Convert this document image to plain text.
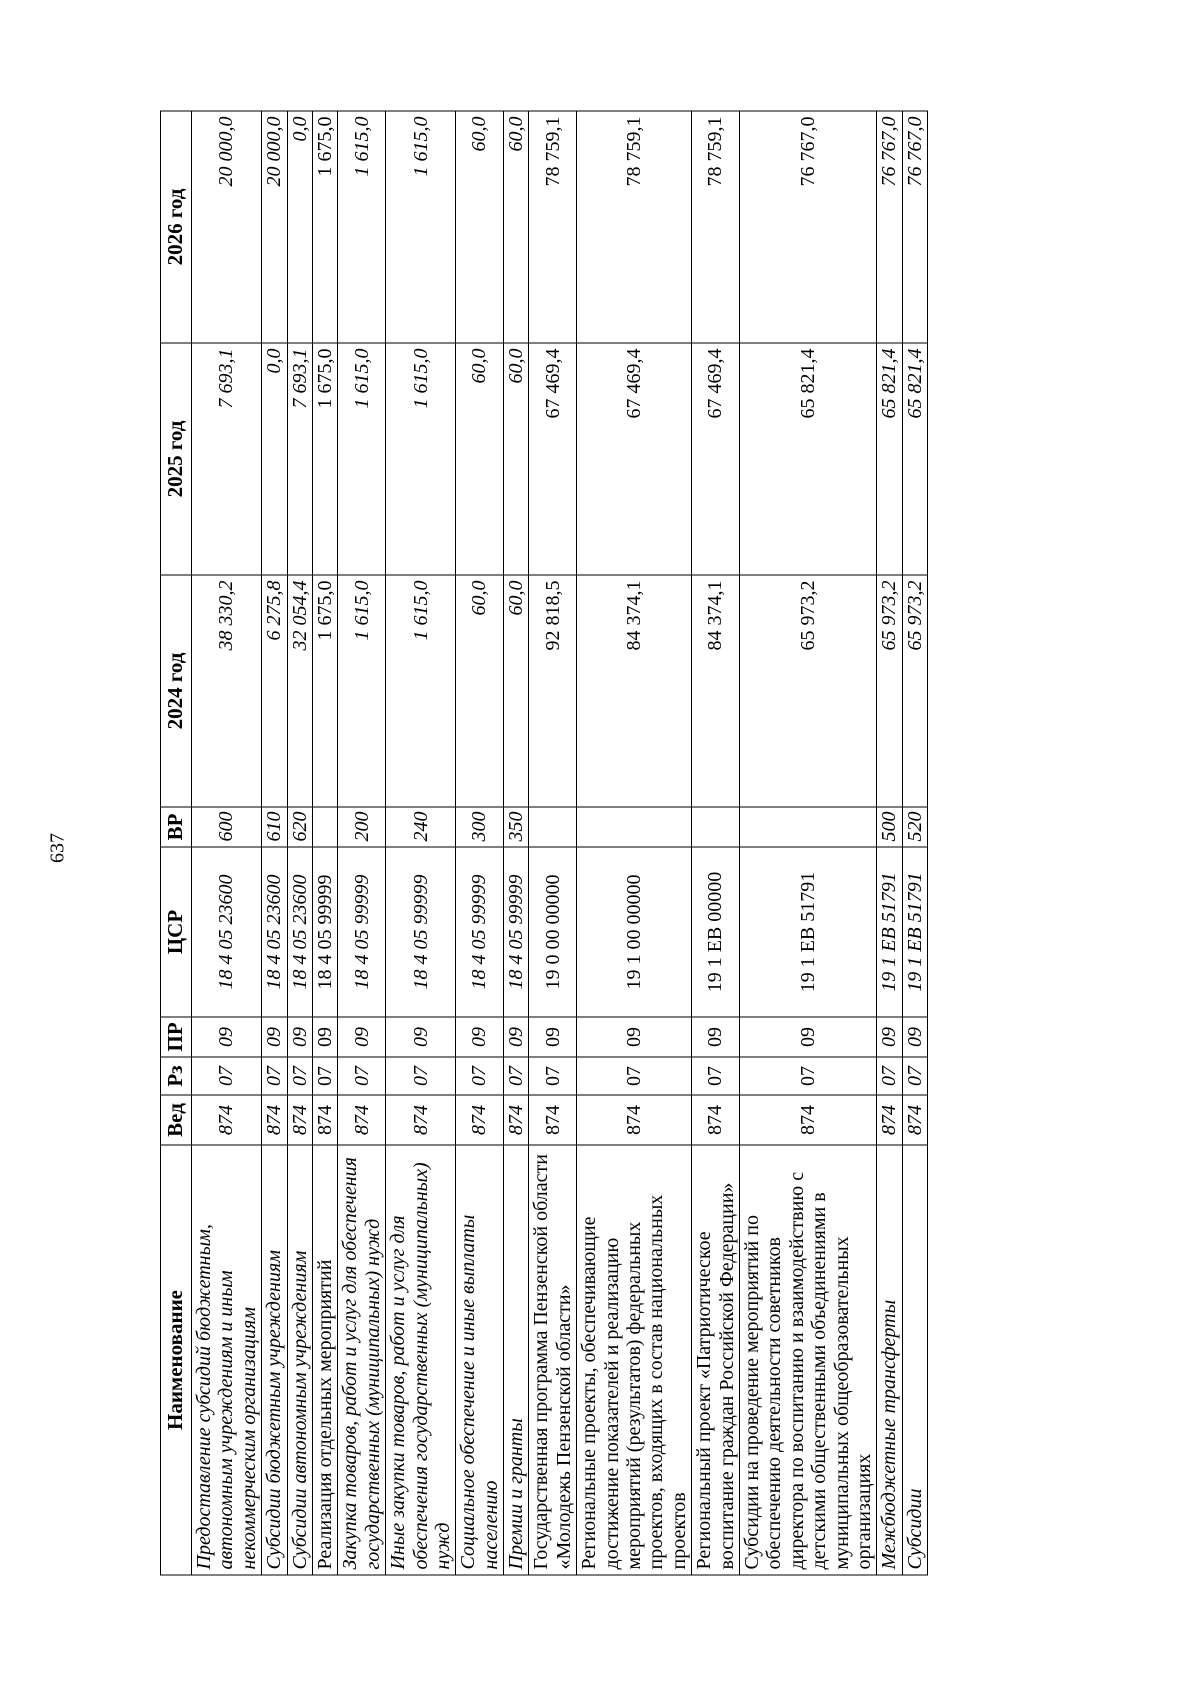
637
Наименование	Вед	Рз	ПР	ЦСР	ВР	2024 год	2025 год	2026 год
Предоставление субсидий бюджетным, автономным учреждениям и иным некоммерческим организациям	874	07	09	18 4 05 23600	600	38 330,2	7 693,1	20 000,0
Субсидии бюджетным учреждениям	874	07	09	18 4 05 23600	610	6 275,8	0,0	20 000,0
Субсидии автономным учреждениям	874	07	09	18 4 05 23600	620	32 054,4	7 693,1	0,0
Реализация отдельных мероприятий	874	07	09	18 4 05 99999		1 675,0	1 675,0	1 675,0
Закупка товаров, работ и услуг для обеспечения государственных (муниципальных) нужд	874	07	09	18 4 05 99999	200	1 615,0	1 615,0	1 615,0
Иные закупки товаров, работ и услуг для обеспечения государственных (муниципальных) нужд	874	07	09	18 4 05 99999	240	1 615,0	1 615,0	1 615,0
Социальное обеспечение и иные выплаты населению	874	07	09	18 4 05 99999	300	60,0	60,0	60,0
Премии и гранты	874	07	09	18 4 05 99999	350	60,0	60,0	60,0
Государственная программа Пензенской области «Молодежь Пензенской области»	874	07	09	19 0 00 00000		92 818,5	67 469,4	78 759,1
Региональные проекты, обеспечивающие достижение показателей и реализацию мероприятий (результатов) федеральных проектов, входящих в состав национальных проектов	874	07	09	19 1 00 00000		84 374,1	67 469,4	78 759,1
Региональный проект «Патриотическое воспитание граждан Российской Федерации»	874	07	09	19 1 ЕВ 00000		84 374,1	67 469,4	78 759,1
Субсидии на проведение мероприятий по обеспечению деятельности советников директора по воспитанию и взаимодействию с детскими общественными объединениями в муниципальных общеобразовательных организациях	874	07	09	19 1 ЕВ 51791		65 973,2	65 821,4	76 767,0
Межбюджетные трансферты	874	07	09	19 1 ЕВ 51791	500	65 973,2	65 821,4	76 767,0
Субсидии	874	07	09	19 1 ЕВ 51791	520	65 973,2	65 821,4	76 767,0
